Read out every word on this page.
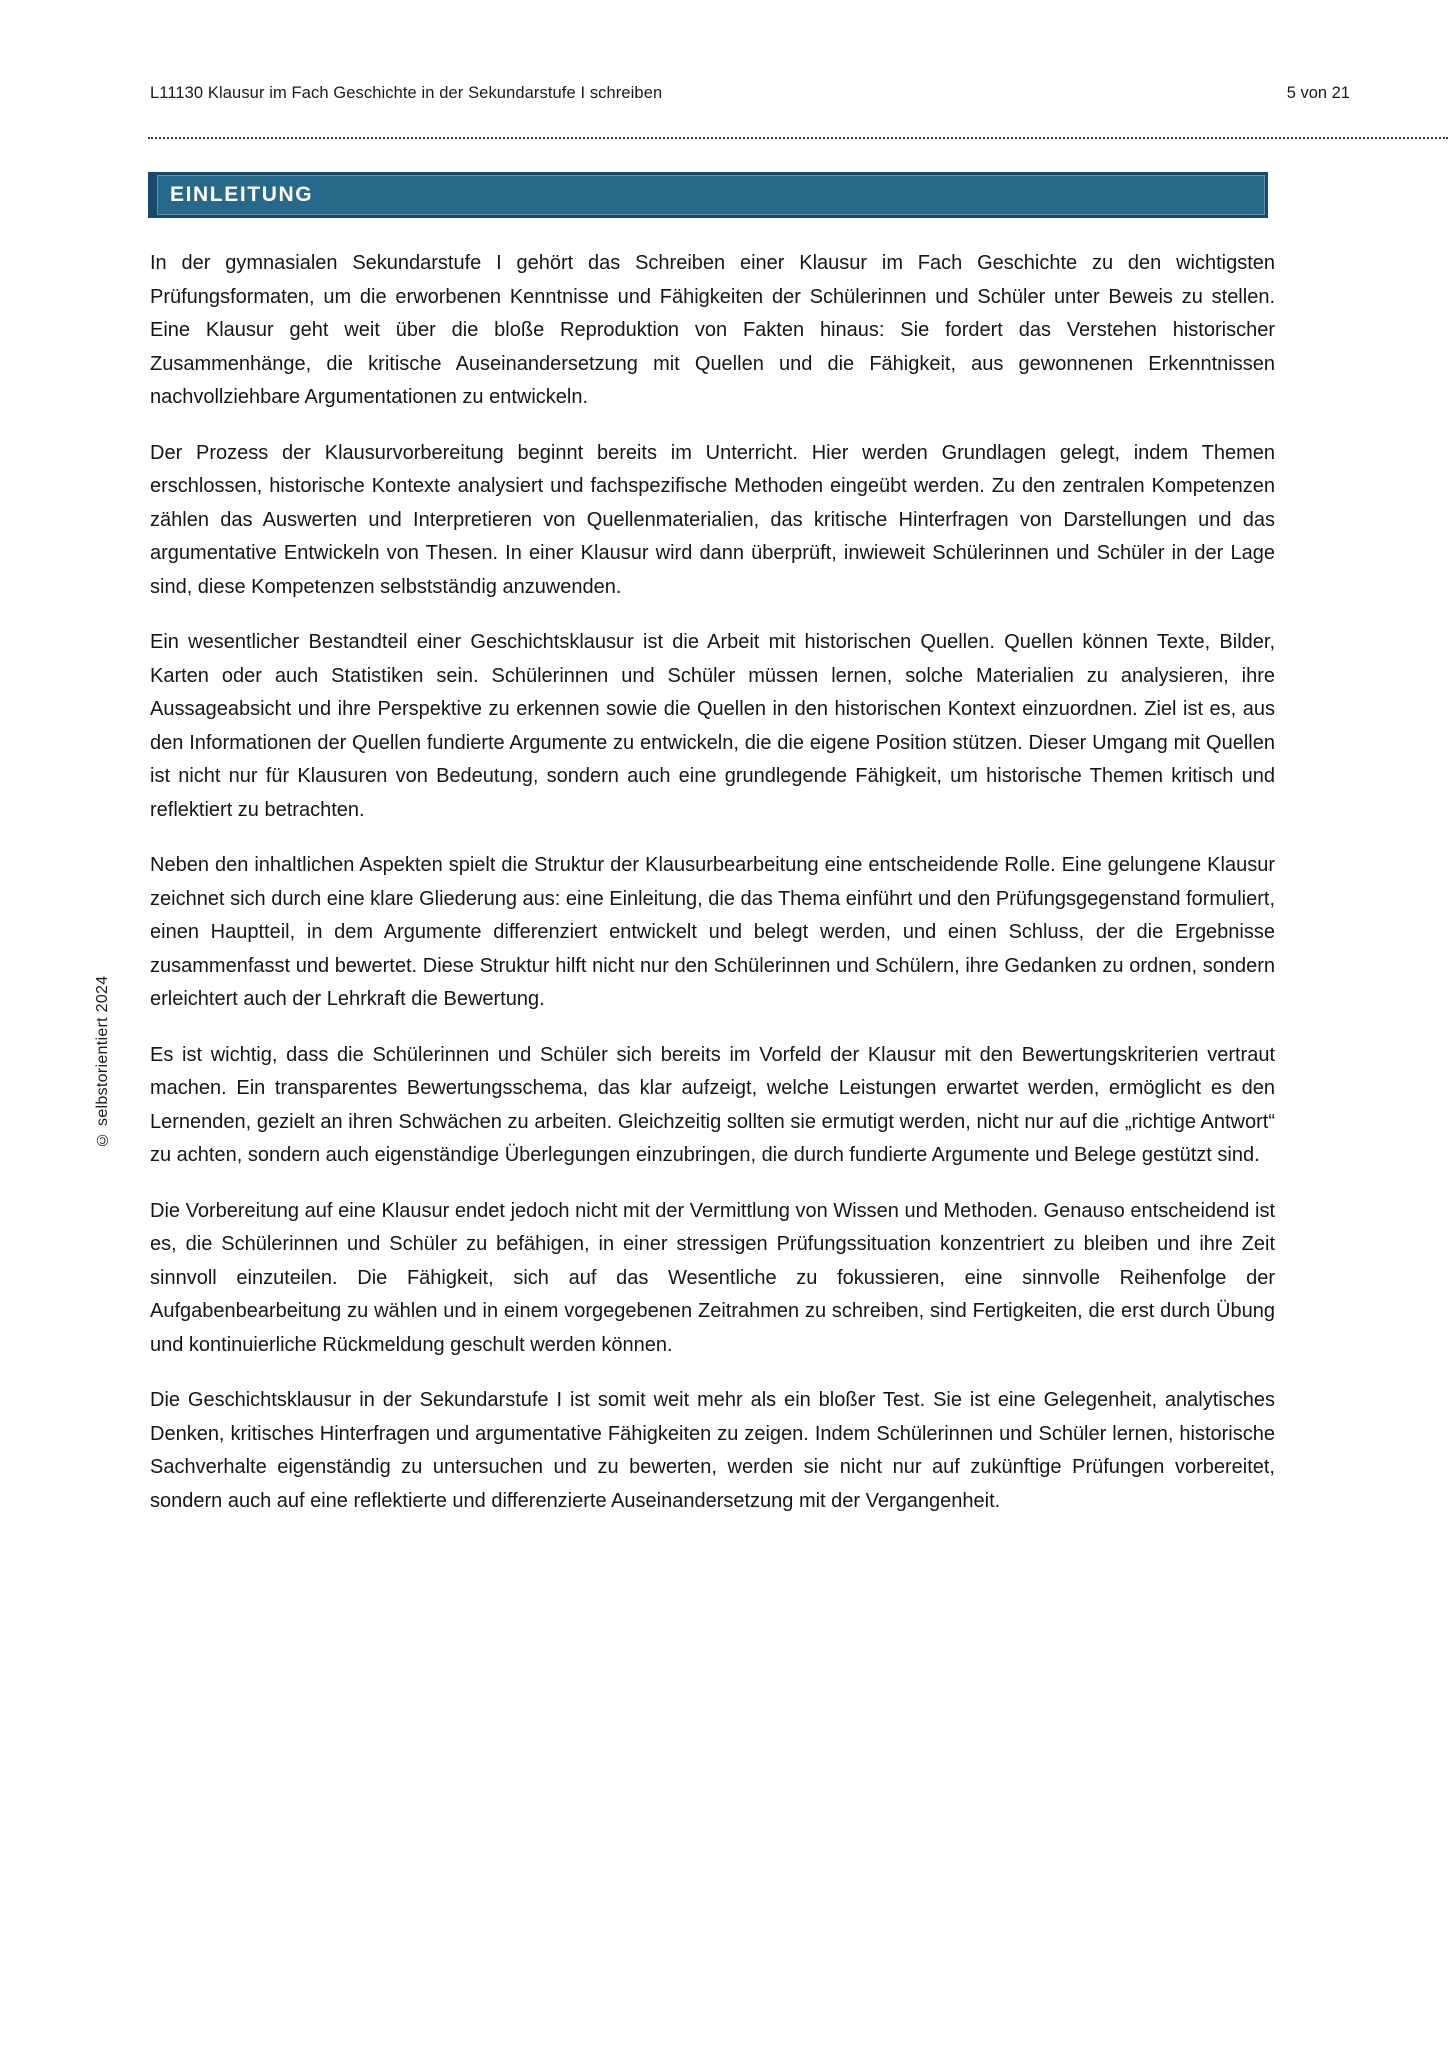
L11130 Klausur im Fach Geschichte in der Sekundarstufe I schreiben	5 von 21
EINLEITUNG

In der gymnasialen Sekundarstufe I gehört das Schreiben einer Klausur im Fach Geschichte zu den wichtigsten Prüfungsformaten, um die erworbenen Kenntnisse und Fähigkeiten der Schülerinnen und Schüler unter Beweis zu stellen. Eine Klausur geht weit über die bloße Reproduktion von Fakten hinaus: Sie fordert das Verstehen historischer Zusammenhänge, die kritische Auseinandersetzung mit Quellen und die Fähigkeit, aus gewonnenen Erkenntnissen nachvollziehbare Argumentationen zu entwickeln.

Der Prozess der Klausurvorbereitung beginnt bereits im Unterricht. Hier werden Grundlagen gelegt, indem Themen erschlossen, historische Kontexte analysiert und fachspezifische Methoden eingeübt werden. Zu den zentralen Kompetenzen zählen das Auswerten und Interpretieren von Quellenmaterialien, das kritische Hinterfragen von Darstellungen und das argumentative Entwickeln von Thesen. In einer Klausur wird dann überprüft, inwieweit Schülerinnen und Schüler in der Lage sind, diese Kompetenzen selbstständig anzuwenden.

Ein wesentlicher Bestandteil einer Geschichtsklausur ist die Arbeit mit historischen Quellen. Quellen können Texte, Bilder, Karten oder auch Statistiken sein. Schülerinnen und Schüler müssen lernen, solche Materialien zu analysieren, ihre Aussageabsicht und ihre Perspektive zu erkennen sowie die Quellen in den historischen Kontext einzuordnen. Ziel ist es, aus den Informationen der Quellen fundierte Argumente zu entwickeln, die die eigene Position stützen. Dieser Umgang mit Quellen ist nicht nur für Klausuren von Bedeutung, sondern auch eine grundlegende Fähigkeit, um historische Themen kritisch und reflektiert zu betrachten.

Neben den inhaltlichen Aspekten spielt die Struktur der Klausurbearbeitung eine entscheidende Rolle. Eine gelungene Klausur zeichnet sich durch eine klare Gliederung aus: eine Einleitung, die das Thema einführt und den Prüfungsgegenstand formuliert, einen Hauptteil, in dem Argumente differenziert entwickelt und belegt werden, und einen Schluss, der die Ergebnisse zusammenfasst und bewertet. Diese Struktur hilft nicht nur den Schülerinnen und Schülern, ihre Gedanken zu ordnen, sondern erleichtert auch der Lehrkraft die Bewertung.

Es ist wichtig, dass die Schülerinnen und Schüler sich bereits im Vorfeld der Klausur mit den Bewertungskriterien vertraut machen. Ein transparentes Bewertungsschema, das klar aufzeigt, welche Leistungen erwartet werden, ermöglicht es den Lernenden, gezielt an ihren Schwächen zu arbeiten. Gleichzeitig sollten sie ermutigt werden, nicht nur auf die „richtige Antwort“ zu achten, sondern auch eigenständige Überlegungen einzubringen, die durch fundierte Argumente und Belege gestützt sind.

Die Vorbereitung auf eine Klausur endet jedoch nicht mit der Vermittlung von Wissen und Methoden. Genauso entscheidend ist es, die Schülerinnen und Schüler zu befähigen, in einer stressigen Prüfungssituation konzentriert zu bleiben und ihre Zeit sinnvoll einzuteilen. Die Fähigkeit, sich auf das Wesentliche zu fokussieren, eine sinnvolle Reihenfolge der Aufgabenbearbeitung zu wählen und in einem vorgegebenen Zeitrahmen zu schreiben, sind Fertigkeiten, die erst durch Übung und kontinuierliche Rückmeldung geschult werden können.

Die Geschichtsklausur in der Sekundarstufe I ist somit weit mehr als ein bloßer Test. Sie ist eine Gelegenheit, analytisches Denken, kritisches Hinterfragen und argumentative Fähigkeiten zu zeigen. Indem Schülerinnen und Schüler lernen, historische Sachverhalte eigenständig zu untersuchen und zu bewerten, werden sie nicht nur auf zukünftige Prüfungen vorbereitet, sondern auch auf eine reflektierte und differenzierte Auseinandersetzung mit der Vergangenheit.

© selbstorientiert 2024
